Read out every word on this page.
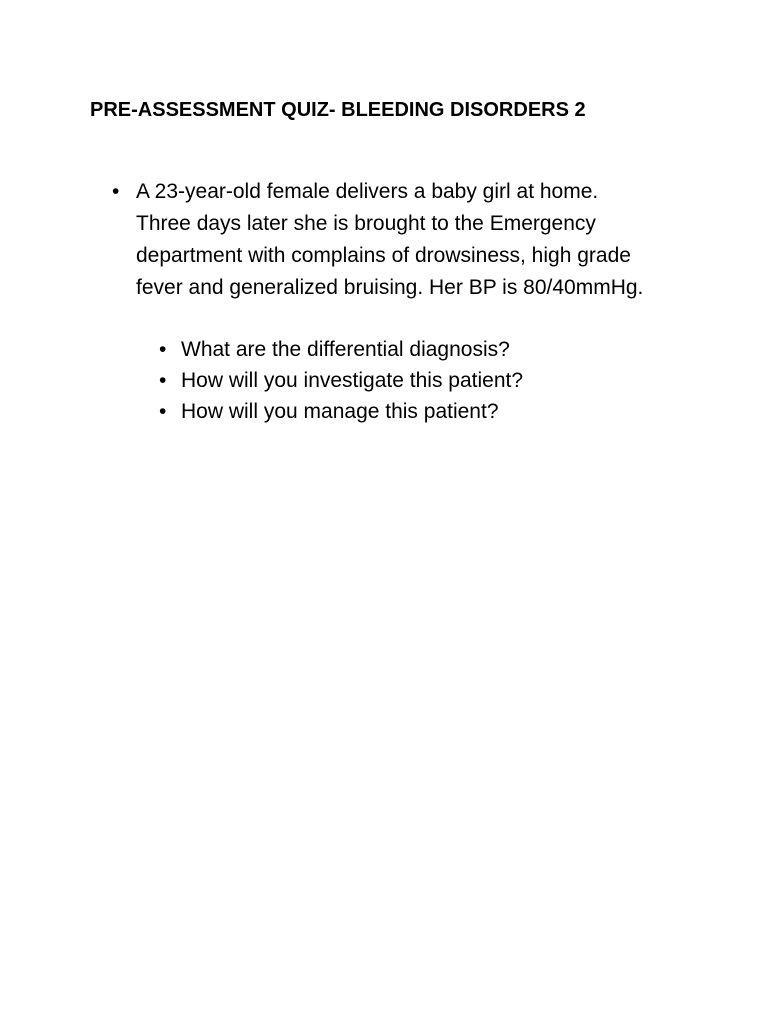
PRE-ASSESSMENT QUIZ- BLEEDING DISORDERS 2
• A 23-year-old female delivers a baby girl at home. Three days later she is brought to the Emergency department with complains of drowsiness, high grade fever and generalized bruising. Her BP is 80/40mmHg.
• What are the differential diagnosis?
• How will you investigate this patient?
• How will you manage this patient?
